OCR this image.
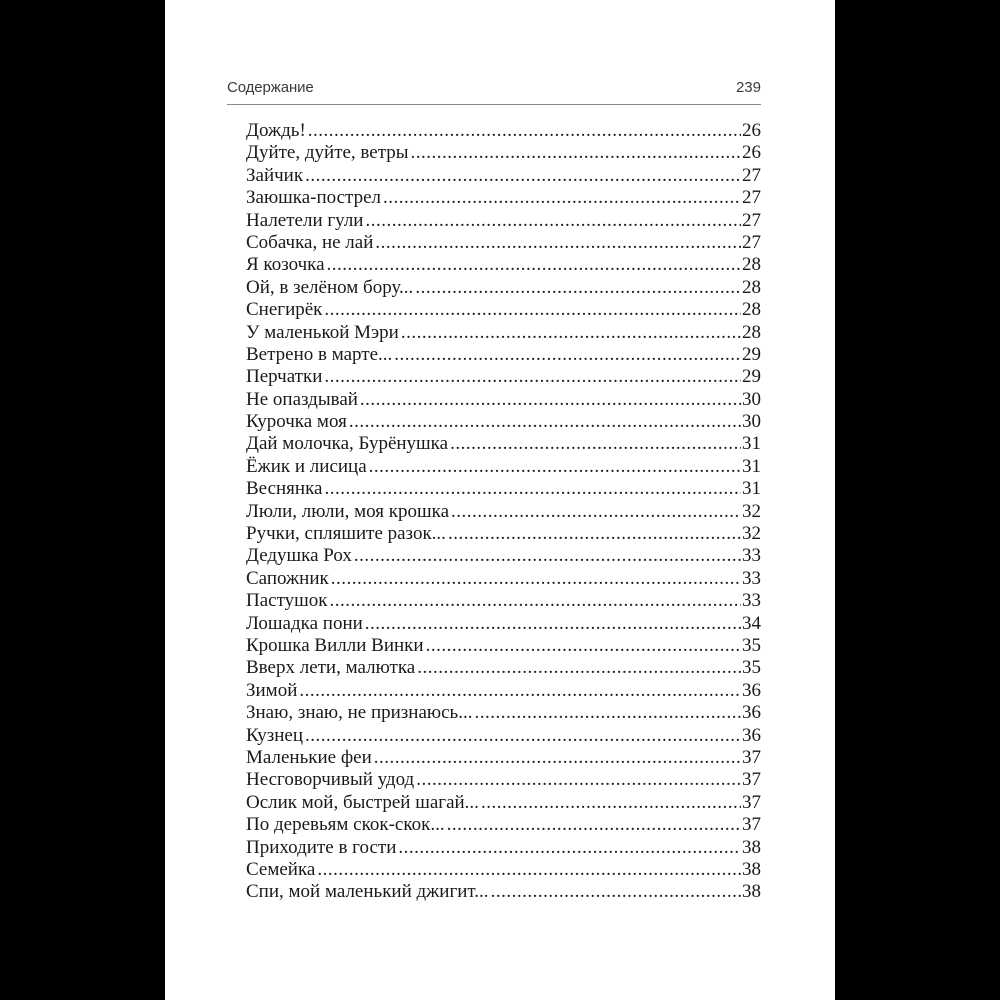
Содержание	239
Дождь! .....	26
Дуйте, дуйте, ветры .....	26
Зайчик .....	27
Заюшка-пострел .....	27
Налетели гули .....	27
Собачка, не лай .....	27
Я козочка .....	28
Ой, в зелёном бору... .....	28
Снегирёк .....	28
У маленькой Мэри .....	28
Ветрено в марте... .....	29
Перчатки .....	29
Не опаздывай .....	30
Курочка моя .....	30
Дай молочка, Бурёнушка .....	31
Ёжик и лисица .....	31
Веснянка .....	31
Люли, люли, моя крошка .....	32
Ручки, спляшите разок... .....	32
Дедушка Рох .....	33
Сапожник .....	33
Пастушок .....	33
Лошадка пони .....	34
Крошка Вилли Винки .....	35
Вверх лети, малютка .....	35
Зимой .....	36
Знаю, знаю, не признаюсь... .....	36
Кузнец .....	36
Маленькие феи .....	37
Несговорчивый удод .....	37
Ослик мой, быстрей шагай... .....	37
По деревьям скок-скок... .....	37
Приходите в гости .....	38
Семейка .....	38
Спи, мой маленький джигит... .....	38
